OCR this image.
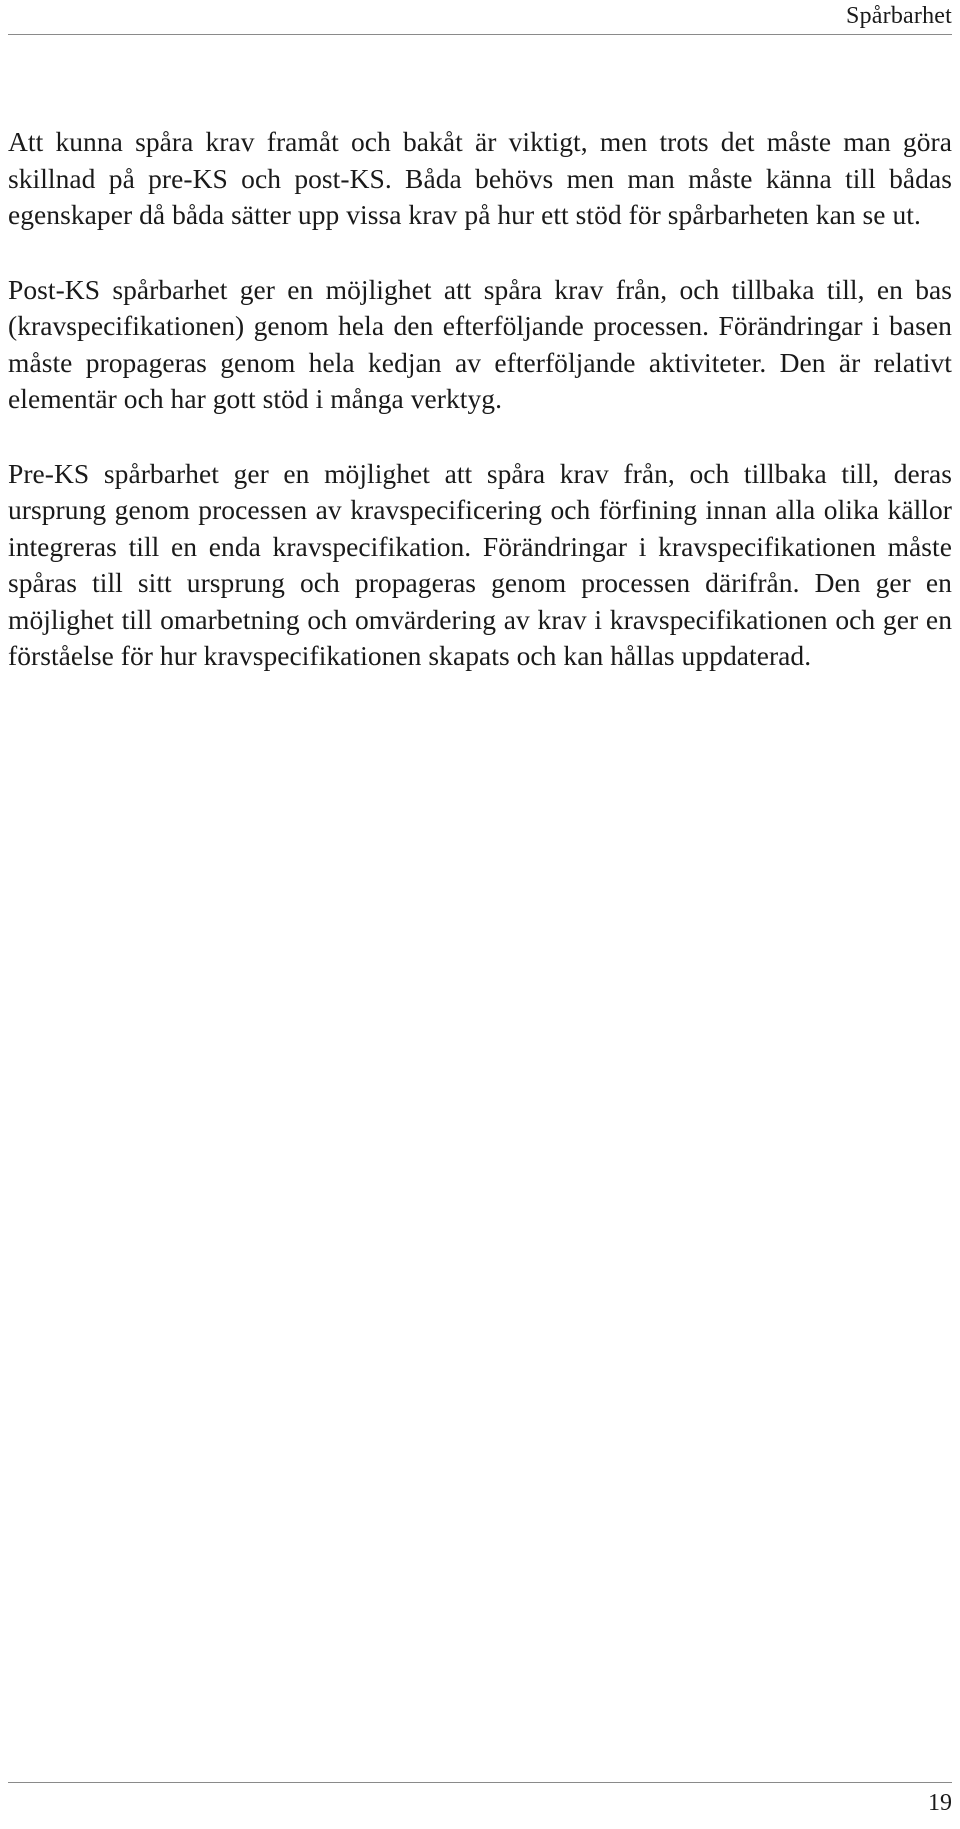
Spårbarhet

Att kunna spåra krav framåt och bakåt är viktigt, men trots det måste man göra skillnad på pre-KS och post-KS. Båda behövs men man måste känna till bådas egenskaper då båda sätter upp vissa krav på hur ett stöd för spårbarheten kan se ut.

Post-KS spårbarhet ger en möjlighet att spåra krav från, och tillbaka till, en bas (kravspecifikationen) genom hela den efterföljande processen. Förändringar i basen måste propageras genom hela kedjan av efterföljande aktiviteter. Den är relativt elementär och har gott stöd i många verktyg.

Pre-KS spårbarhet ger en möjlighet att spåra krav från, och tillbaka till, deras ursprung genom processen av kravspecificering och förfining innan alla olika källor integreras till en enda kravspecifikation. Förändringar i kravspecifikationen måste spåras till sitt ursprung och propageras genom processen därifrån. Den ger en möjlighet till omarbetning och omvärdering av krav i kravspecifikationen och ger en förståelse för hur kravspecifikationen skapats och kan hållas uppdaterad.

19
